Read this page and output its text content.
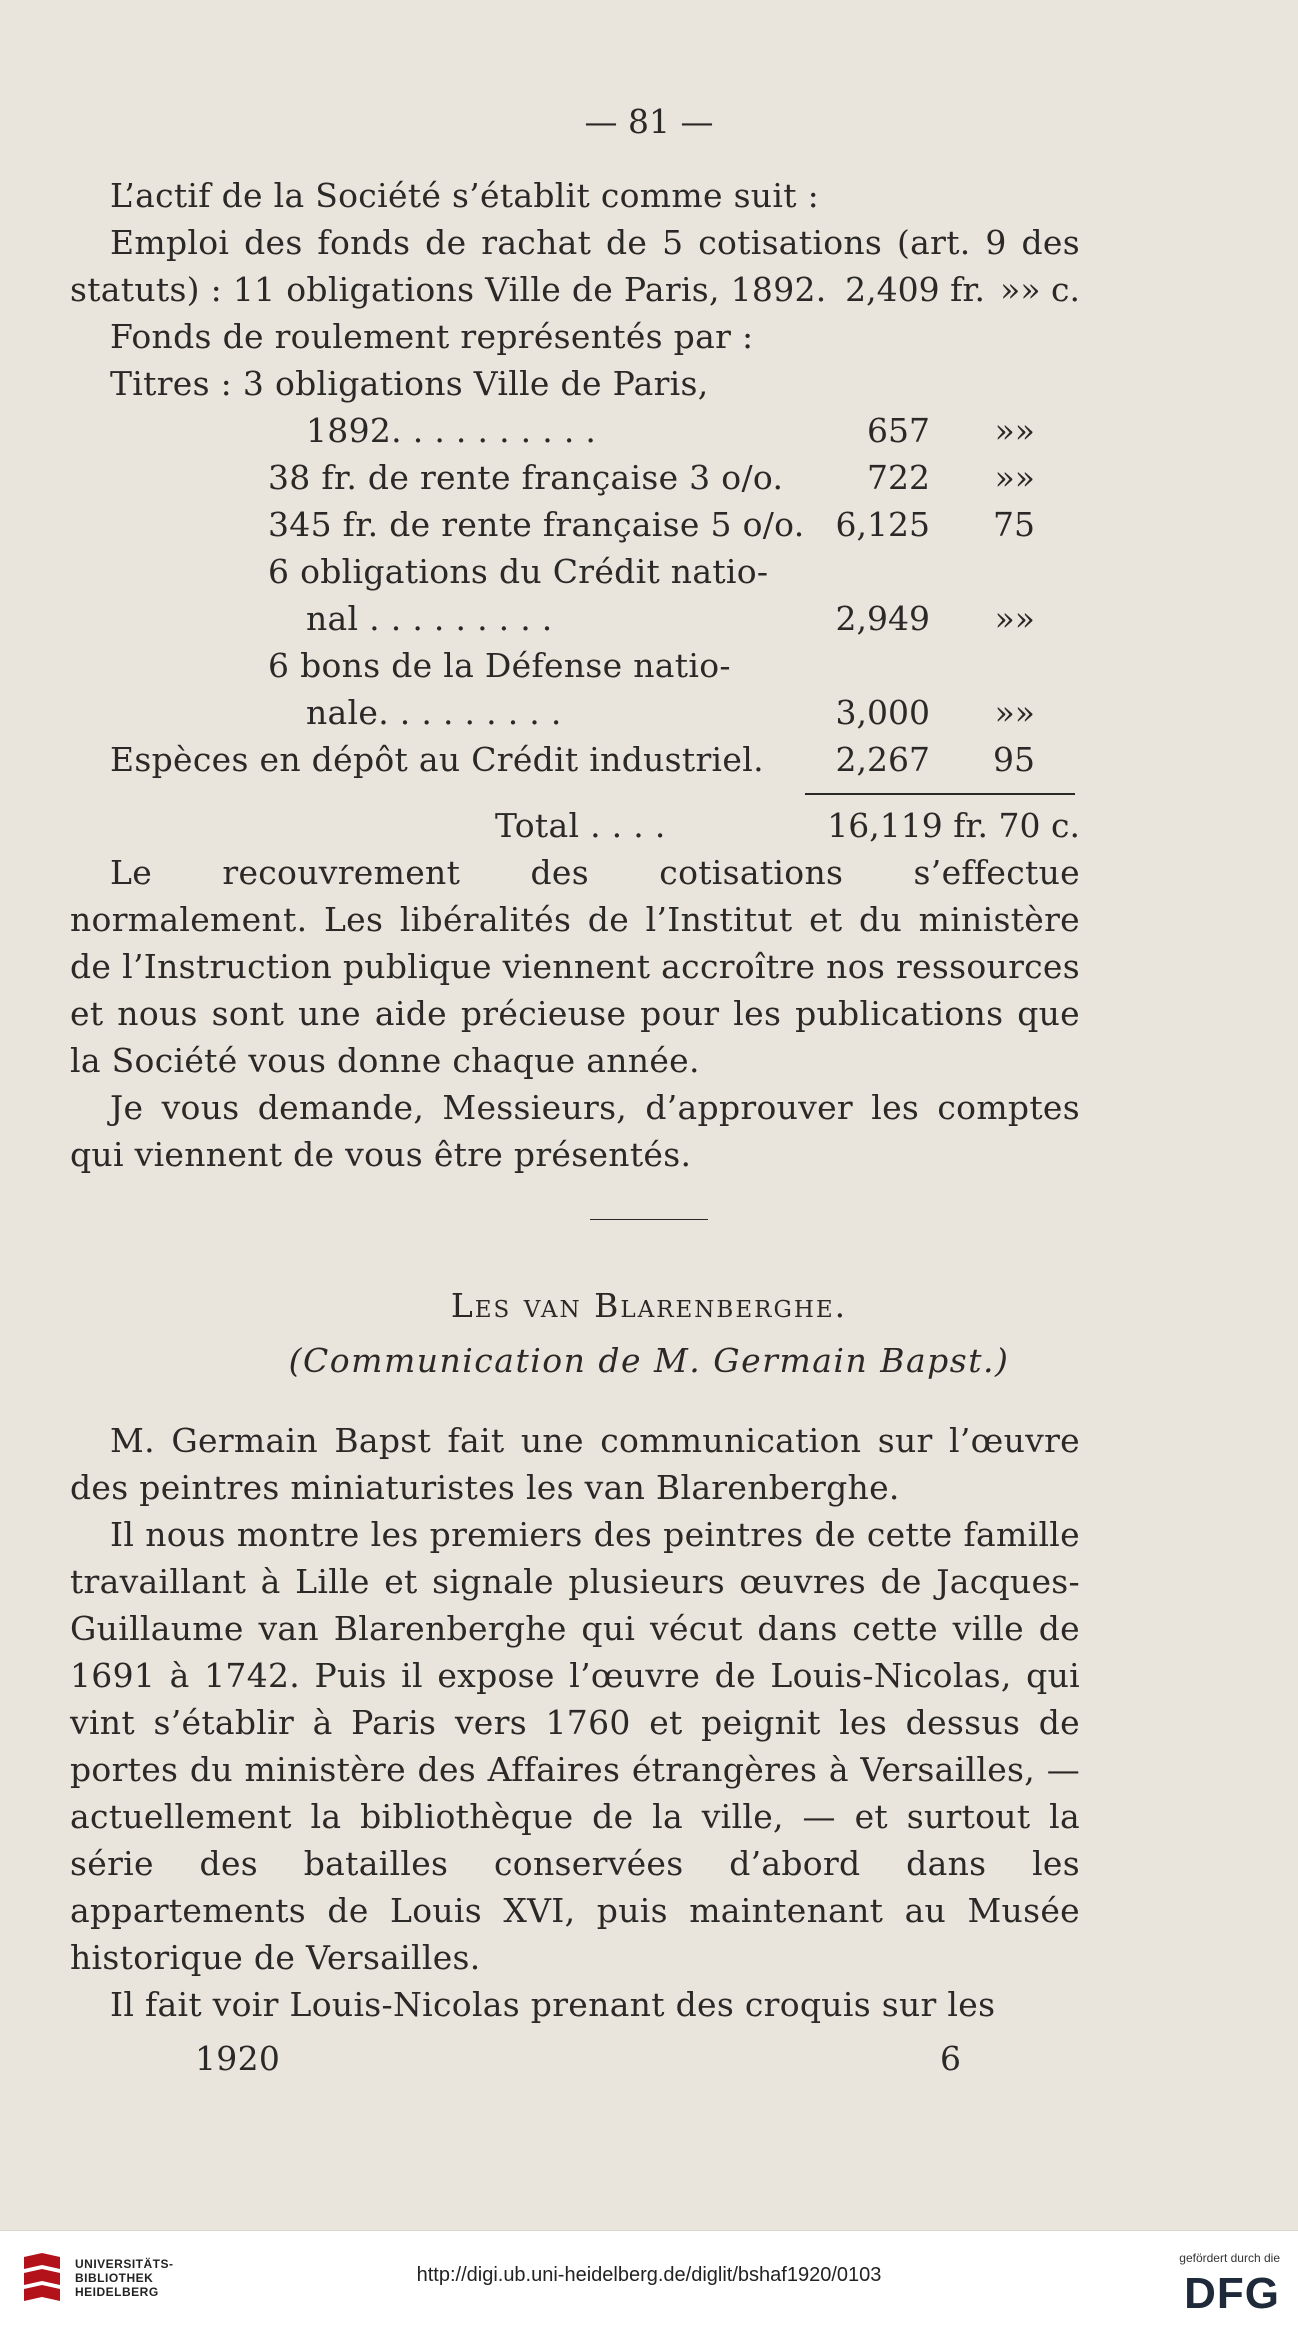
— 81 —
L’actif de la Société s’établit comme suit :
Emploi des fonds de rachat de 5 cotisations (art. 9 des
statuts) : 11 obligations Ville de Paris, 1892. 2,409 fr. »» c.
Fonds de roulement représentés par :
Titres : 3 obligations Ville de Paris,
1892. . . . . . . . . .	657	»»
38 fr. de rente française 3 o/o.	722	»»
345 fr. de rente française 5 o/o. 6,125	75
6 obligations du Crédit natio-
nal . . . . . . . . .	2,949	»»
6 bons de la Défense natio-
nale. . . . . . . . .	3,000	»»
Espèces en dépôt au Crédit industriel.	2,267	95
Total . . . .	16,119 fr. 70 c.
Le recouvrement des cotisations s’effectue normalement. Les libéralités de l’Institut et du ministère de l’Instruction publique viennent accroître nos ressources et nous sont une aide précieuse pour les publications que la Société vous donne chaque année.
Je vous demande, Messieurs, d’approuver les comptes qui viennent de vous être présentés.
Les van Blarenberghe.
(Communication de M. Germain Bapst.)
M. Germain Bapst fait une communication sur l’œuvre des peintres miniaturistes les van Blarenberghe.
Il nous montre les premiers des peintres de cette famille travaillant à Lille et signale plusieurs œuvres de Jacques-Guillaume van Blarenberghe qui vécut dans cette ville de 1691 à 1742. Puis il expose l’œuvre de Louis-Nicolas, qui vint s’établir à Paris vers 1760 et peignit les dessus de portes du ministère des Affaires étrangères à Versailles, — actuellement la bibliothèque de la ville, — et surtout la série des batailles conservées d’abord dans les appartements de Louis XVI, puis maintenant au Musée historique de Versailles.
Il fait voir Louis-Nicolas prenant des croquis sur les
1920	6
UNIVERSITÄTS-
BIBLIOTHEK
HEIDELBERG
http://digi.ub.uni-heidelberg.de/diglit/bshaf1920/0103
gefördert durch die
DFG
